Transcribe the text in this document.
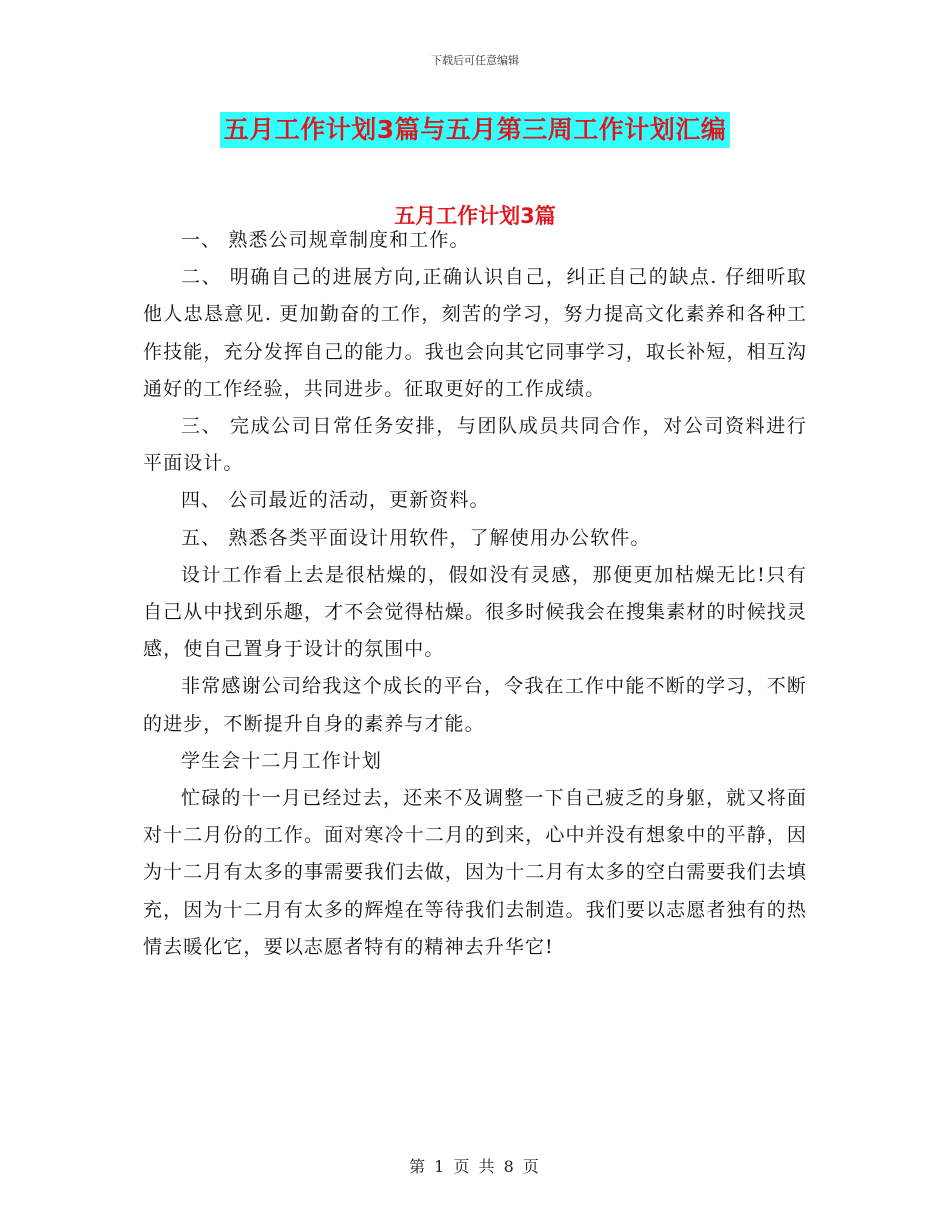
下载后可任意编辑
五月工作计划3篇与五月第三周工作计划汇编
五月工作计划3篇

一、 熟悉公司规章制度和工作。

二、 明确自己的进展方向,正确认识自己，纠正自己的缺点. 仔细听取他人忠恳意见. 更加勤奋的工作，刻苦的学习，努力提高文化素养和各种工作技能，充分发挥自己的能力。我也会向其它同事学习，取长补短，相互沟通好的工作经验，共同进步。征取更好的工作成绩。

三、 完成公司日常任务安排，与团队成员共同合作，对公司资料进行平面设计。

四、 公司最近的活动，更新资料。

五、 熟悉各类平面设计用软件，了解使用办公软件。

设计工作看上去是很枯燥的，假如没有灵感，那便更加枯燥无比!只有自己从中找到乐趣，才不会觉得枯燥。很多时候我会在搜集素材的时候找灵感，使自己置身于设计的氛围中。

非常感谢公司给我这个成长的平台，令我在工作中能不断的学习，不断的进步，不断提升自身的素养与才能。

学生会十二月工作计划

忙碌的十一月已经过去，还来不及调整一下自己疲乏的身躯，就又将面对十二月份的工作。面对寒冷十二月的到来，心中并没有想象中的平静，因为十二月有太多的事需要我们去做，因为十二月有太多的空白需要我们去填充，因为十二月有太多的辉煌在等待我们去制造。我们要以志愿者独有的热情去暖化它，要以志愿者特有的精神去升华它!

第 1 页 共 8 页
